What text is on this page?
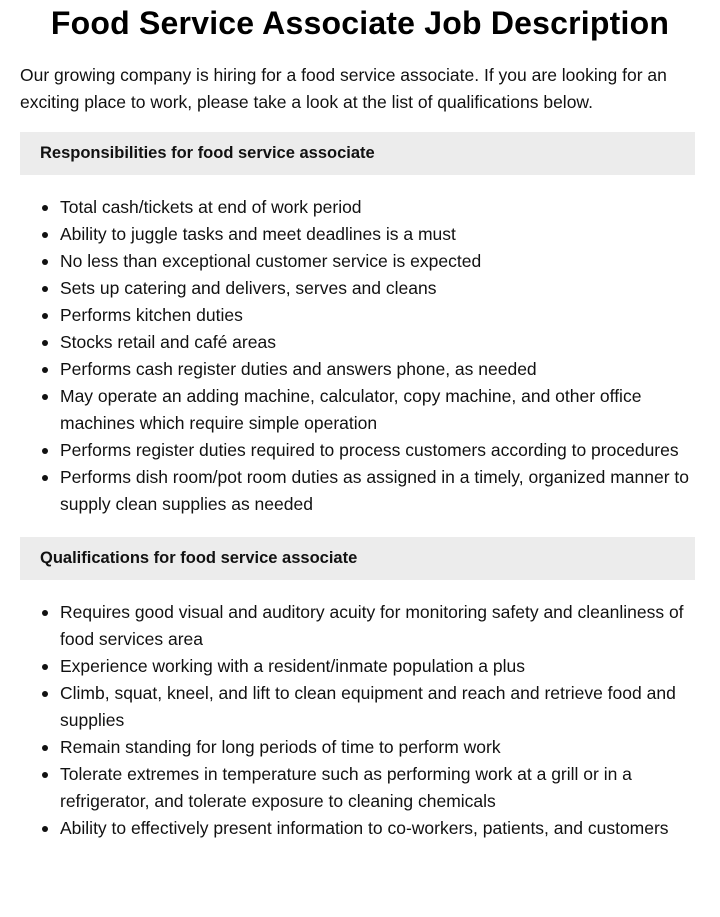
Food Service Associate Job Description

Our growing company is hiring for a food service associate. If you are looking for an exciting place to work, please take a look at the list of qualifications below.

Responsibilities for food service associate
Total cash/tickets at end of work period
Ability to juggle tasks and meet deadlines is a must
No less than exceptional customer service is expected
Sets up catering and delivers, serves and cleans
Performs kitchen duties
Stocks retail and café areas
Performs cash register duties and answers phone, as needed
May operate an adding machine, calculator, copy machine, and other office machines which require simple operation
Performs register duties required to process customers according to procedures
Performs dish room/pot room duties as assigned in a timely, organized manner to supply clean supplies as needed
Qualifications for food service associate
Requires good visual and auditory acuity for monitoring safety and cleanliness of food services area
Experience working with a resident/inmate population a plus
Climb, squat, kneel, and lift to clean equipment and reach and retrieve food and supplies
Remain standing for long periods of time to perform work
Tolerate extremes in temperature such as performing work at a grill or in a refrigerator, and tolerate exposure to cleaning chemicals
Ability to effectively present information to co-workers, patients, and customers
